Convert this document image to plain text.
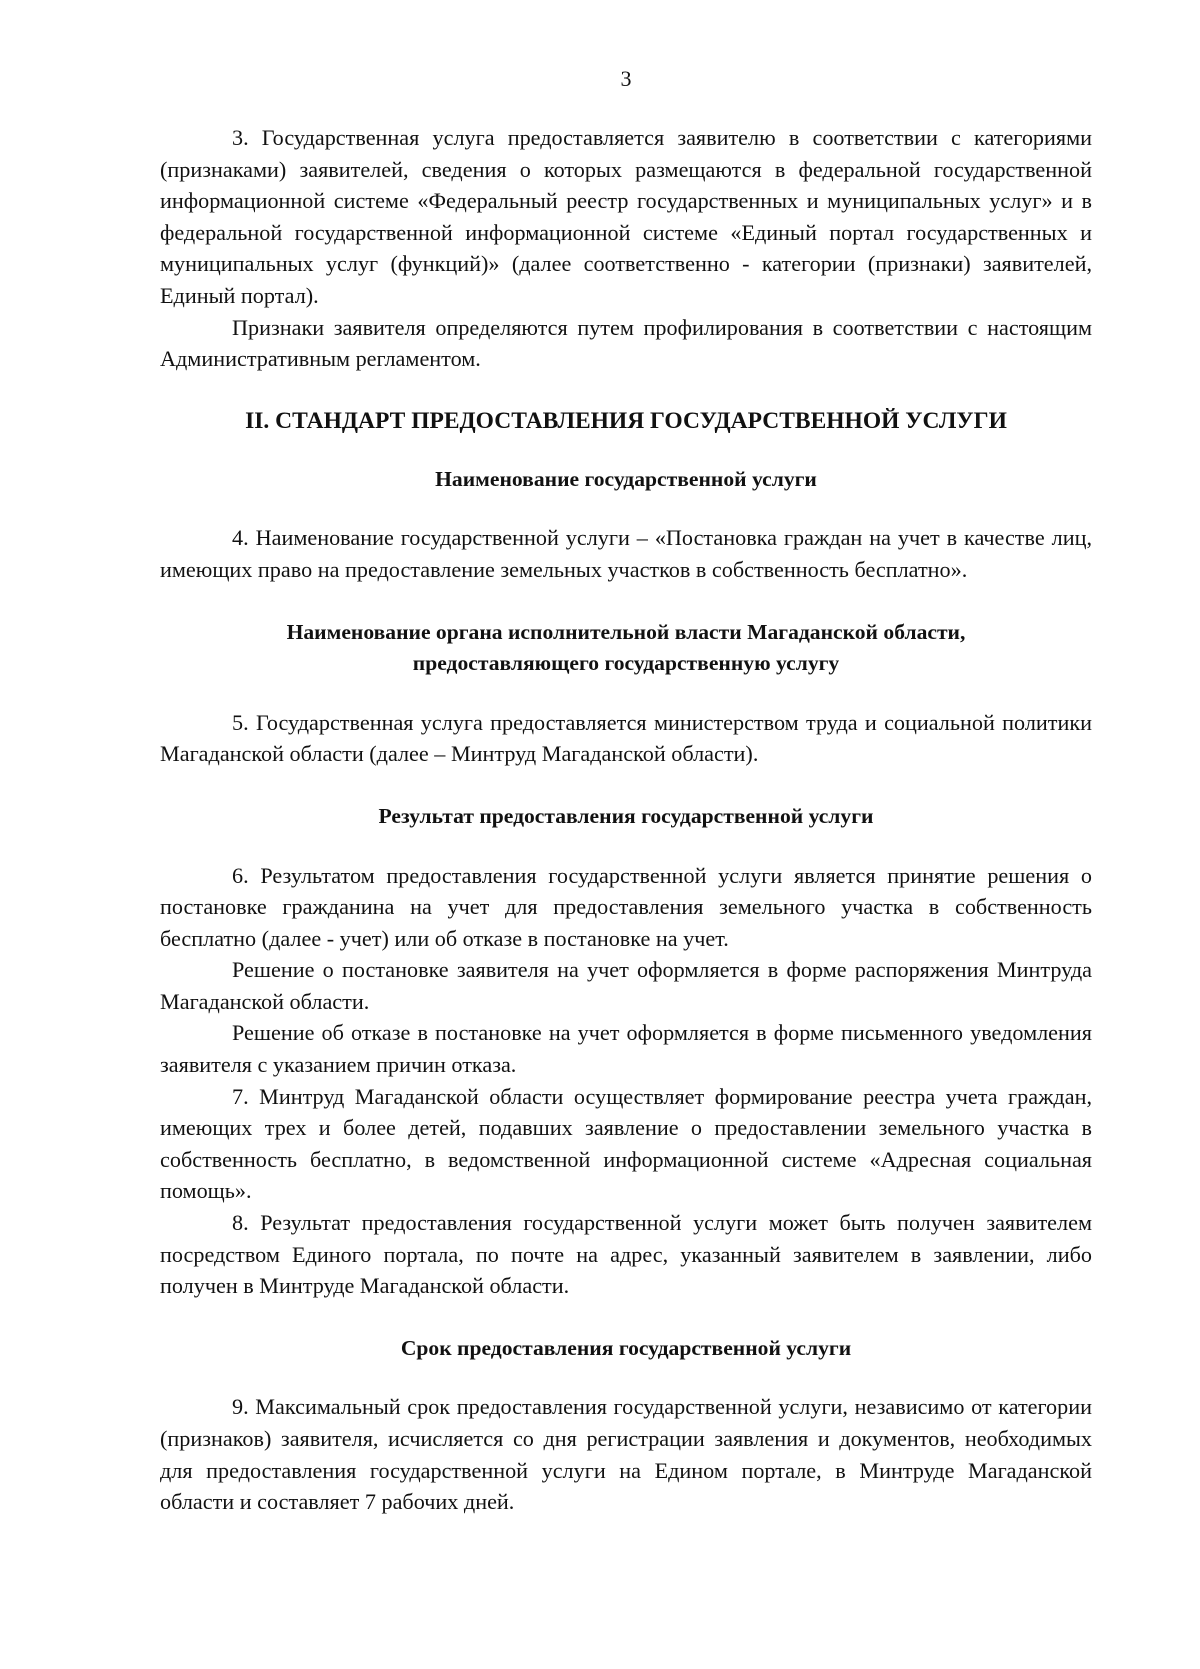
3

3. Государственная услуга предоставляется заявителю в соответствии с категориями (признаками) заявителей, сведения о которых размещаются в федеральной государственной информационной системе «Федеральный реестр государственных и муниципальных услуг» и в федеральной государственной информационной системе «Единый портал государственных и муниципальных услуг (функций)» (далее соответственно - категории (признаки) заявителей, Единый портал).

Признаки заявителя определяются путем профилирования в соответствии с настоящим Административным регламентом.

II. СТАНДАРТ ПРЕДОСТАВЛЕНИЯ ГОСУДАРСТВЕННОЙ УСЛУГИ
Наименование государственной услуги

4. Наименование государственной услуги – «Постановка граждан на учет в качестве лиц, имеющих право на предоставление земельных участков в собственность бесплатно».

Наименование органа исполнительной власти Магаданской области,
предоставляющего государственную услугу

5. Государственная услуга предоставляется министерством труда и социальной политики Магаданской области (далее – Минтруд Магаданской области).

Результат предоставления государственной услуги

6. Результатом предоставления государственной услуги является принятие решения о постановке гражданина на учет для предоставления земельного участка в собственность бесплатно (далее - учет) или об отказе в постановке на учет.

Решение о постановке заявителя на учет оформляется в форме распоряжения Минтруда Магаданской области.

Решение об отказе в постановке на учет оформляется в форме письменного уведомления заявителя с указанием причин отказа.

7. Минтруд Магаданской области осуществляет формирование реестра учета граждан, имеющих трех и более детей, подавших заявление о предоставлении земельного участка в собственность бесплатно, в ведомственной информационной системе «Адресная социальная помощь».

8. Результат предоставления государственной услуги может быть получен заявителем посредством Единого портала, по почте на адрес, указанный заявителем в заявлении, либо получен в Минтруде Магаданской области.

Срок предоставления государственной услуги

9. Максимальный срок предоставления государственной услуги, независимо от категории (признаков) заявителя, исчисляется со дня регистрации заявления и документов, необходимых для предоставления государственной услуги на Едином портале, в Минтруде Магаданской области и составляет 7 рабочих дней.
